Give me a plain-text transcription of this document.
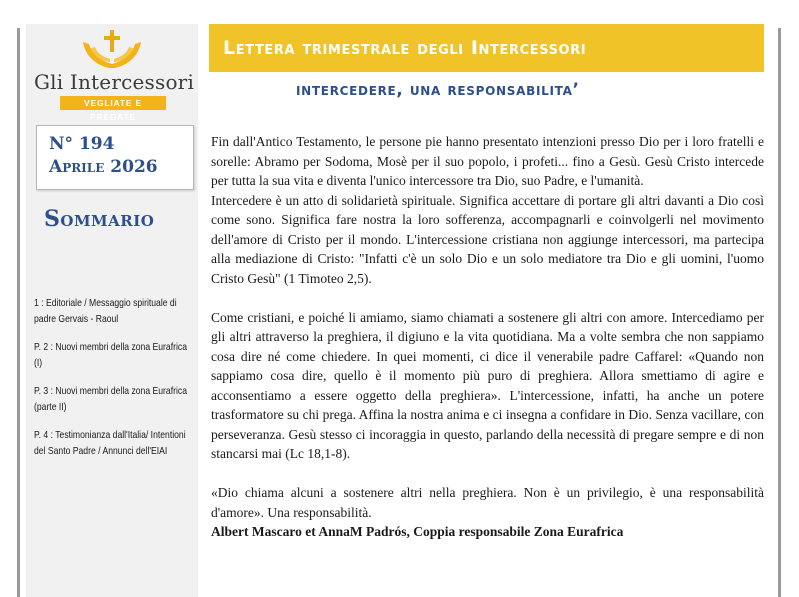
Gli Intercessori
VEGLIATE E PREGATE
N° 194
Aprile 2026
Sommario
1 : Editoriale / Messaggio spirituale di padre Gervais - Raoul
P. 2 : Nuovi membri della zona Eurafrica (I)
P. 3 : Nuovi membri della zona Eurafrica (parte II)
P. 4 : Testimonianza dall'Italia/ Intentioni del Santo Padre / Annunci dell'EIAI
Lettera trimestrale degli Intercessori
intercedere, una responsabilita’

Fin dall'Antico Testamento, le persone pie hanno presentato intenzioni presso Dio per i loro fratelli e sorelle: Abramo per Sodoma, Mosè per il suo popolo, i profeti... fino a Gesù. Gesù Cristo intercede per tutta la sua vita e diventa l'unico intercessore tra Dio, suo Padre, e l'umanità.

Intercedere è un atto di solidarietà spirituale. Significa accettare di portare gli altri davanti a Dio così come sono. Significa fare nostra la loro sofferenza, accompagnarli e coinvolgerli nel movimento dell'amore di Cristo per il mondo. L'intercessione cristiana non aggiunge intercessori, ma partecipa alla mediazione di Cristo: "Infatti c'è un solo Dio e un solo mediatore tra Dio e gli uomini, l'uomo Cristo Gesù" (1 Timoteo 2,5).

Come cristiani, e poiché li amiamo, siamo chiamati a sostenere gli altri con amore. Intercediamo per gli altri attraverso la preghiera, il digiuno e la vita quotidiana. Ma a volte sembra che non sappiamo cosa dire né come chiedere. In quei momenti, ci dice il venerabile padre Caffarel: «Quando non sappiamo cosa dire, quello è il momento più puro di preghiera. Allora smettiamo di agire e acconsentiamo a essere oggetto della preghiera». L'intercessione, infatti, ha anche un potere trasformatore su chi prega. Affina la nostra anima e ci insegna a confidare in Dio. Senza vacillare, con perseveranza. Gesù stesso ci incoraggia in questo, parlando della necessità di pregare sempre e di non stancarsi mai (Lc 18,1-8).

«Dio chiama alcuni a sostenere altri nella preghiera. Non è un privilegio, è una responsabilità d'amore». Una responsabilità.

Albert Mascaro et AnnaM Padrós, Coppia responsabile Zona Eurafrica
